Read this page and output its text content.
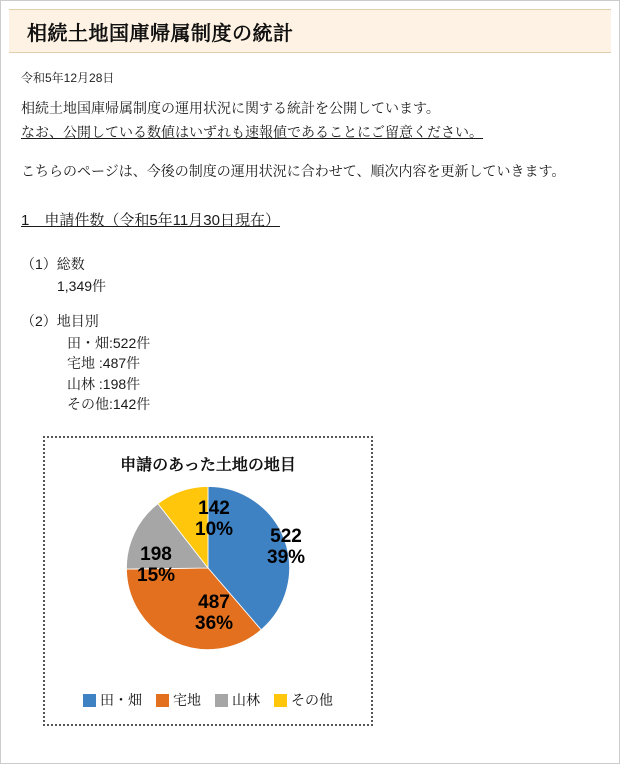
相続土地国庫帰属制度の統計
令和5年12月28日

相続土地国庫帰属制度の運用状況に関する統計を公開しています。

なお、公開している数値はいずれも速報値であることにご留意ください。

こちらのページは、今後の制度の運用状況に合わせて、順次内容を更新していきます。

1　申請件数（令和5年11月30日現在）
（1）総数
1,349件
（2）地目別
田・畑:522件
宅地 :487件
山林 :198件
その他:142件
申請のあった土地の地目
522
39%
487
36%
198
15%
142
10%
田・畑 宅地 山林 その他
